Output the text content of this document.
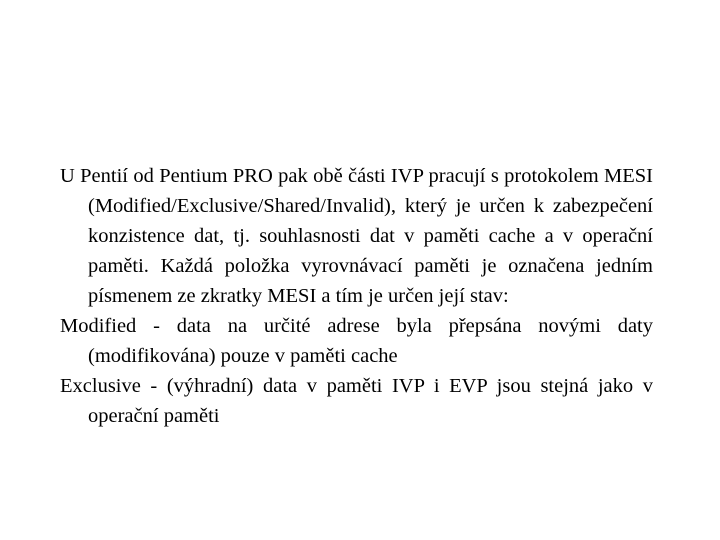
U Pentií od Pentium PRO pak obě části IVP pracují s protokolem MESI (Modified/Exclusive/Shared/Invalid), který je určen k zabezpečení konzistence dat, tj. souhlasnosti dat v paměti cache a v operační paměti. Každá položka vyrovnávací paměti je označena jedním písmenem ze zkratky MESI a tím je určen její stav:

Modified - data na určité adrese byla přepsána novými daty (modifikována) pouze v paměti cache

Exclusive - (výhradní) data v paměti IVP i EVP jsou stejná jako v operační paměti
